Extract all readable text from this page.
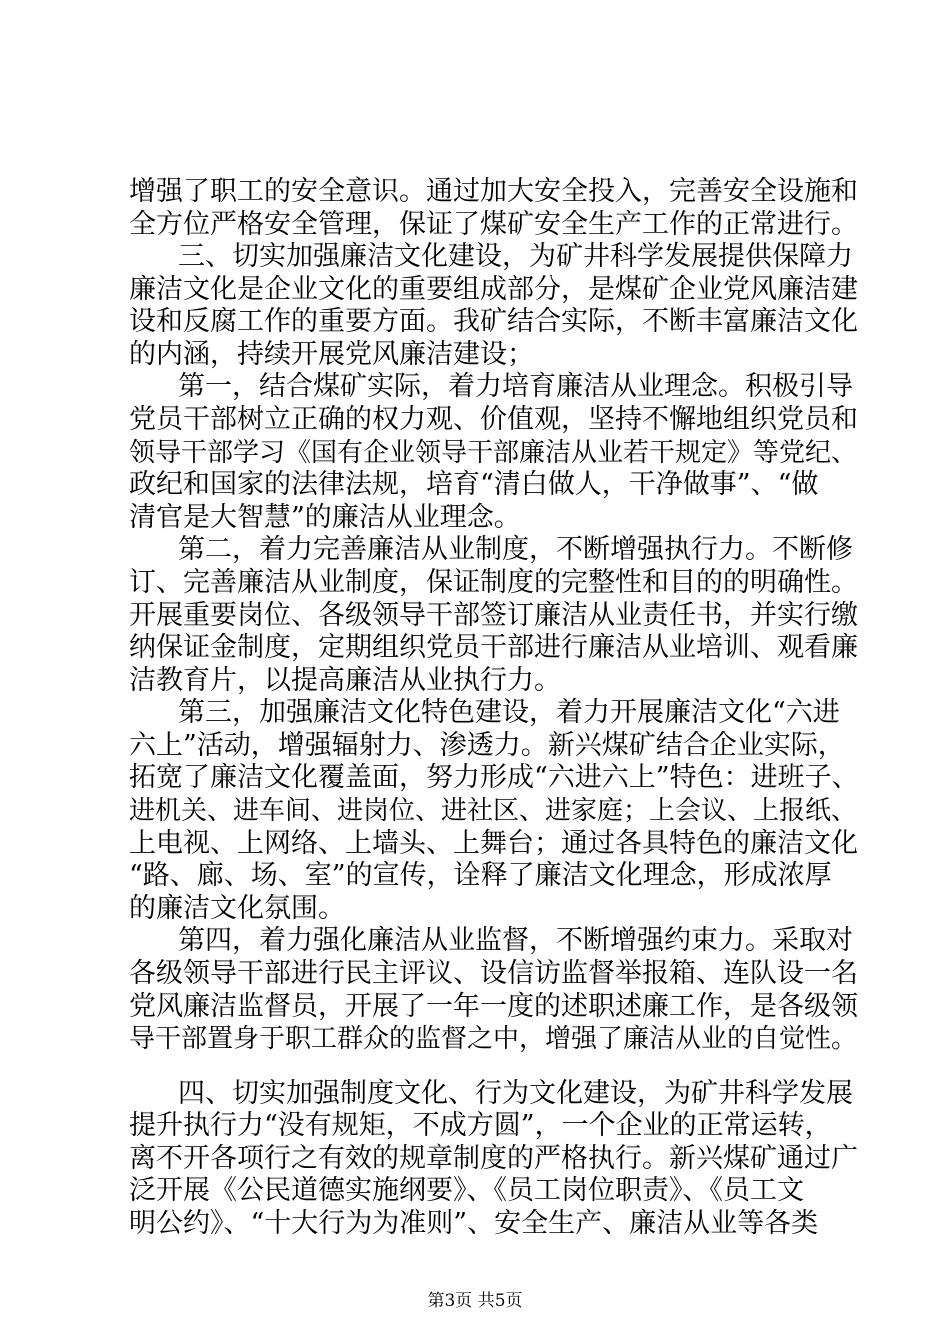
增强了职工的安全意识。通过加大安全投入，完善安全设施和
全方位严格安全管理，保证了煤矿安全生产工作的正常进行。
三、切实加强廉洁文化建设，为矿井科学发展提供保障力
廉洁文化是企业文化的重要组成部分，是煤矿企业党风廉洁建
设和反腐工作的重要方面。我矿结合实际，不断丰富廉洁文化
的内涵，持续开展党风廉洁建设；
第一，结合煤矿实际，着力培育廉洁从业理念。积极引导
党员干部树立正确的权力观、价值观，坚持不懈地组织党员和
领导干部学习《国有企业领导干部廉洁从业若干规定》等党纪、
政纪和国家的法律法规，培育“清白做人，干净做事”、“做
清官是大智慧”的廉洁从业理念。
第二，着力完善廉洁从业制度，不断增强执行力。不断修
订、完善廉洁从业制度，保证制度的完整性和目的的明确性。
开展重要岗位、各级领导干部签订廉洁从业责任书，并实行缴
纳保证金制度，定期组织党员干部进行廉洁从业培训、观看廉
洁教育片，以提高廉洁从业执行力。
第三，加强廉洁文化特色建设，着力开展廉洁文化“六进
六上”活动，增强辐射力、渗透力。新兴煤矿结合企业实际，
拓宽了廉洁文化覆盖面，努力形成“六进六上”特色：进班子、
进机关、进车间、进岗位、进社区、进家庭；上会议、上报纸、
上电视、上网络、上墙头、上舞台；通过各具特色的廉洁文化
“路、廊、场、室”的宣传，诠释了廉洁文化理念，形成浓厚
的廉洁文化氛围。
第四，着力强化廉洁从业监督，不断增强约束力。采取对
各级领导干部进行民主评议、设信访监督举报箱、连队设一名
党风廉洁监督员，开展了一年一度的述职述廉工作，是各级领
导干部置身于职工群众的监督之中，增强了廉洁从业的自觉性。
四、切实加强制度文化、行为文化建设，为矿井科学发展
提升执行力“没有规矩，不成方圆”，一个企业的正常运转，
离不开各项行之有效的规章制度的严格执行。新兴煤矿通过广
泛开展《公民道德实施纲要》、《员工岗位职责》、《员工文
明公约》、“十大行为为准则”、安全生产、廉洁从业等各类
第3页 共5页
